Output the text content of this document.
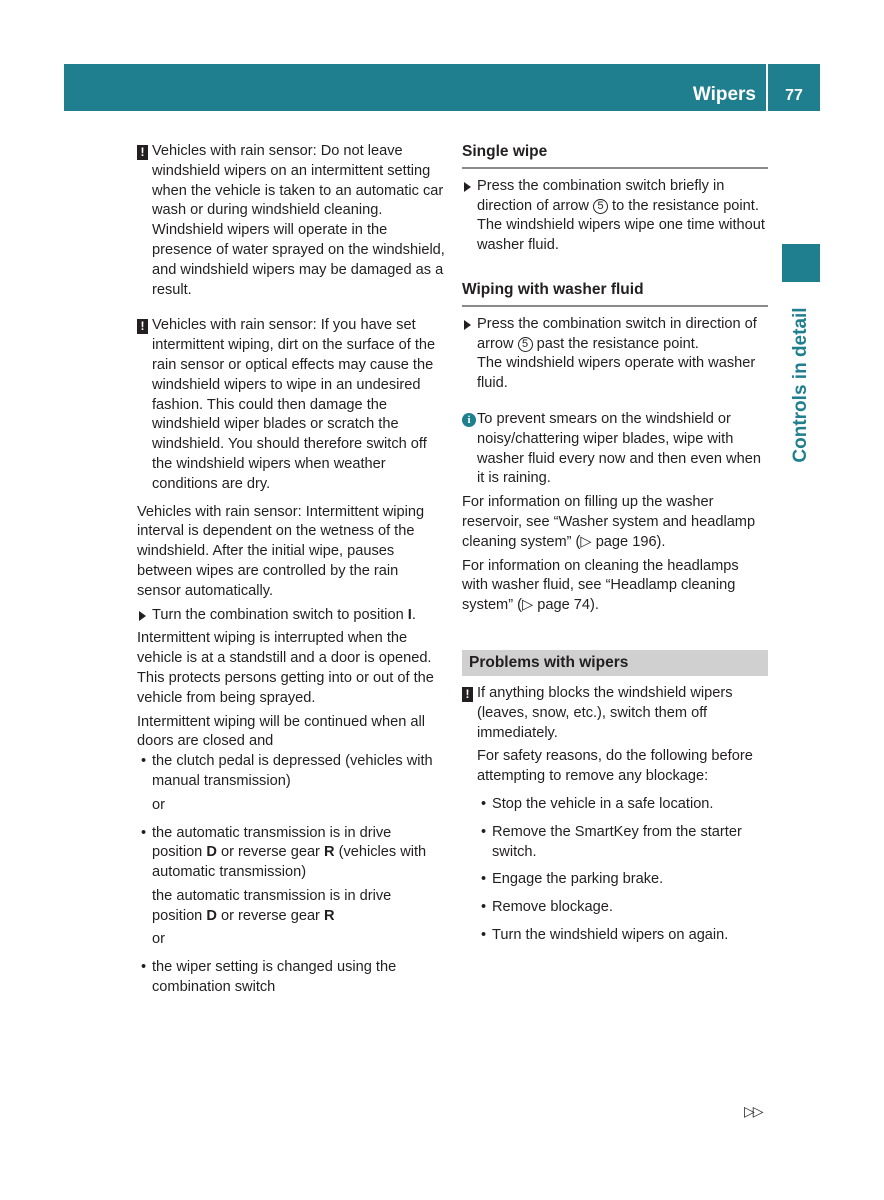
Wipers	77
Controls in detail
! Vehicles with rain sensor: Do not leave windshield wipers on an intermittent setting when the vehicle is taken to an automatic car wash or during windshield cleaning. Windshield wipers will operate in the presence of water sprayed on the windshield, and windshield wipers may be damaged as a result.
! Vehicles with rain sensor: If you have set intermittent wiping, dirt on the surface of the rain sensor or optical effects may cause the windshield wipers to wipe in an undesired fashion. This could then damage the windshield wiper blades or scratch the windshield. You should therefore switch off the windshield wipers when weather conditions are dry.

Vehicles with rain sensor: Intermittent wiping interval is dependent on the wetness of the windshield. After the initial wipe, pauses between wipes are controlled by the rain sensor automatically.

Turn the combination switch to position I.

Intermittent wiping is interrupted when the vehicle is at a standstill and a door is opened. This protects persons getting into or out of the vehicle from being sprayed.

Intermittent wiping will be continued when all doors are closed and

• the clutch pedal is depressed (vehicles with manual transmission)

or

• the automatic transmission is in drive position D or reverse gear R (vehicles with automatic transmission)

the automatic transmission is in drive position D or reverse gear R

or

• the wiper setting is changed using the combination switch
Single wipe
Press the combination switch briefly in direction of arrow 5 to the resistance point.

The windshield wipers wipe one time without washer fluid.

Wiping with washer fluid
Press the combination switch in direction of arrow 5 past the resistance point.

The windshield wipers operate with washer fluid.

i To prevent smears on the windshield or noisy/chattering wiper blades, wipe with washer fluid every now and then even when it is raining.

For information on filling up the washer reservoir, see “Washer system and headlamp cleaning system” (▷ page 196).

For information on cleaning the headlamps with washer fluid, see “Headlamp cleaning system” (▷ page 74).

Problems with wipers
! If anything blocks the windshield wipers (leaves, snow, etc.), switch them off immediately.

For safety reasons, do the following before attempting to remove any blockage:

• Stop the vehicle in a safe location.
• Remove the SmartKey from the starter switch.
• Engage the parking brake.
• Remove blockage.
• Turn the windshield wipers on again.
▷▷
